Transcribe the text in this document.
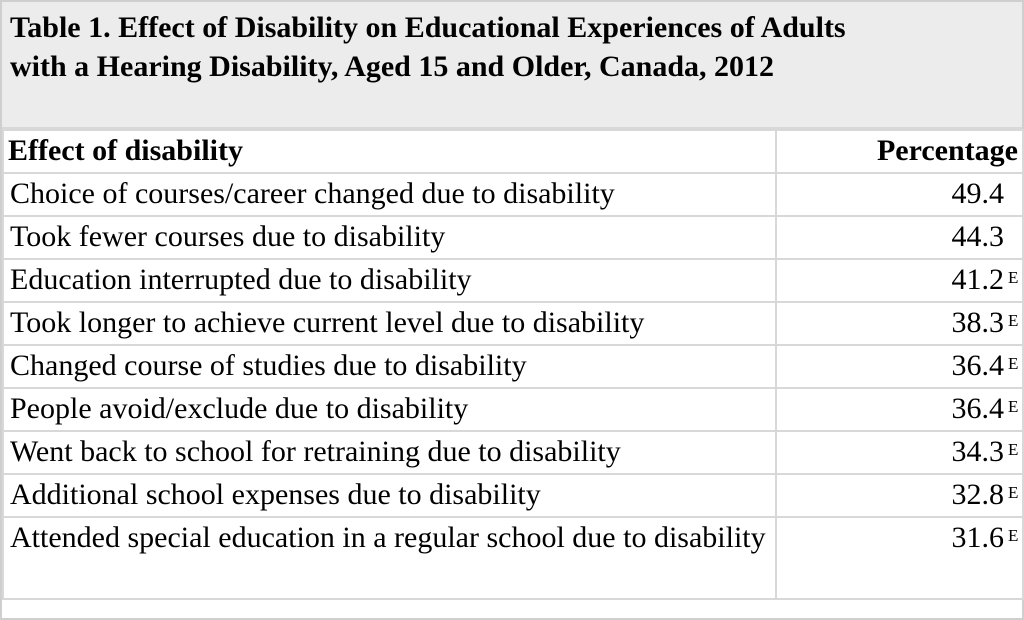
Table 1. Effect of Disability on Educational Experiences of Adults
with a Hearing Disability, Aged 15 and Older, Canada, 2012
Effect of disability	Percentage
Choice of courses/career changed due to disability	49.4
Took fewer courses due to disability	44.3
Education interrupted due to disability	41.2 E
Took longer to achieve current level due to disability	38.3 E
Changed course of studies due to disability	36.4 E
People avoid/exclude due to disability	36.4 E
Went back to school for retraining due to disability	34.3 E
Additional school expenses due to disability	32.8 E
Attended special education in a regular school due to disability	31.6 E
